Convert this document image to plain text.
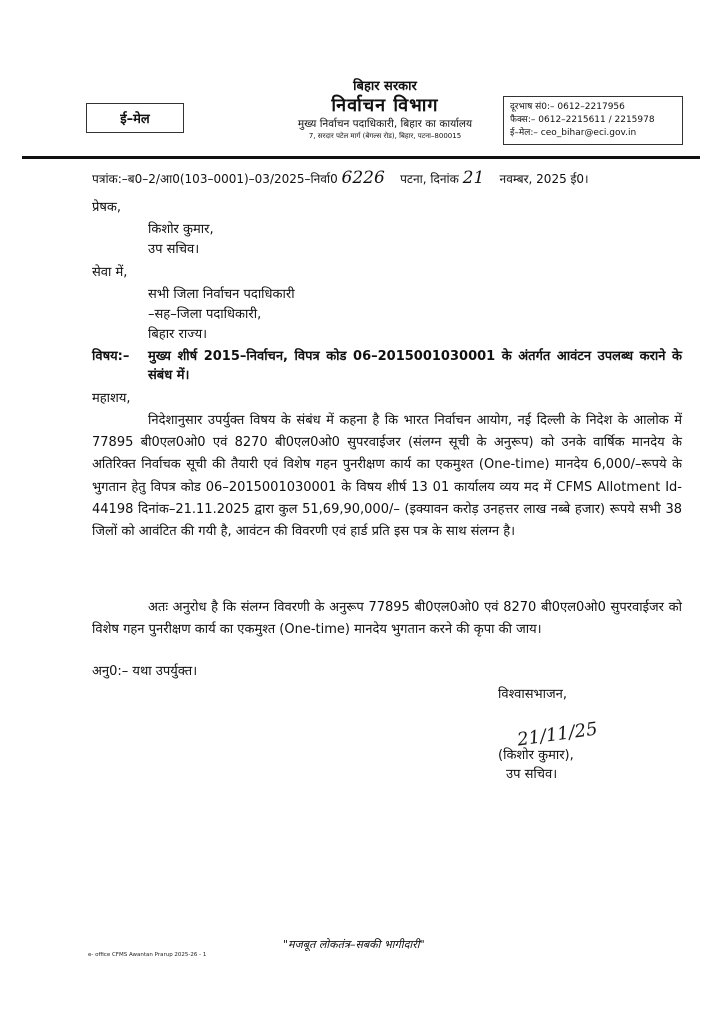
ई–मेल
बिहार सरकार
निर्वाचन विभाग
मुख्य निर्वाचन पदाधिकारी, बिहार का कार्यालय
7, सरदार पटेल मार्ग (बेगल्स रोड), बिहार, पटना–800015
दूरभाष सं0:– 0612–2217956
फैक्स:– 0612–2215611 / 2215978
ई–मेल:– ceo_bihar@eci.gov.in
पत्रांक:–ब0–2/आ0(103–0001)–03/2025–निर्वा0 6226 पटना, दिनांक 21 नवम्बर, 2025 ई0।
प्रेषक,
किशोर कुमार,
उप सचिव।
सेवा में,
सभी जिला निर्वाचन पदाधिकारी
–सह–जिला पदाधिकारी,
बिहार राज्य।
विषय:–	मुख्य शीर्ष 2015–निर्वाचन, विपत्र कोड 06–2015001030001 के अंतर्गत आवंटन उपलब्ध कराने के संबंध में।
महाशय,
निदेशानुसार उपर्युक्त विषय के संबंध में कहना है कि भारत निर्वाचन आयोग, नई दिल्ली के निदेश के आलोक में 77895 बी0एल0ओ0 एवं 8270 बी0एल0ओ0 सुपरवाईजर (संलग्न सूची के अनुरूप) को उनके वार्षिक मानदेय के अतिरिक्त निर्वाचक सूची की तैयारी एवं विशेष गहन पुनरीक्षण कार्य का एकमुश्त (One-time) मानदेय 6,000/–रूपये के भुगतान हेतु विपत्र कोड 06–2015001030001 के विषय शीर्ष 13 01 कार्यालय व्यय मद में CFMS Allotment Id- 44198 दिनांक–21.11.2025 द्वारा कुल 51,69,90,000/– (इक्यावन करोड़ उनहत्तर लाख नब्बे हजार) रूपये सभी 38 जिलों को आवंटित की गयी है, आवंटन की विवरणी एवं हार्ड प्रति इस पत्र के साथ संलग्न है।
अतः अनुरोध है कि संलग्न विवरणी के अनुरूप 77895 बी0एल0ओ0 एवं 8270 बी0एल0ओ0 सुपरवाईजर को विशेष गहन पुनरीक्षण कार्य का एकमुश्त (One-time) मानदेय भुगतान करने की कृपा की जाय।
अनु0:– यथा उपर्युक्त।
विश्वासभाजन,
(किशोर कुमार),
उप सचिव।
21/11/25
"मजबूत लोकतंत्र–सबकी भागीदारी"
e- office CFMS Awantan Prarup 2025-26 - 1
